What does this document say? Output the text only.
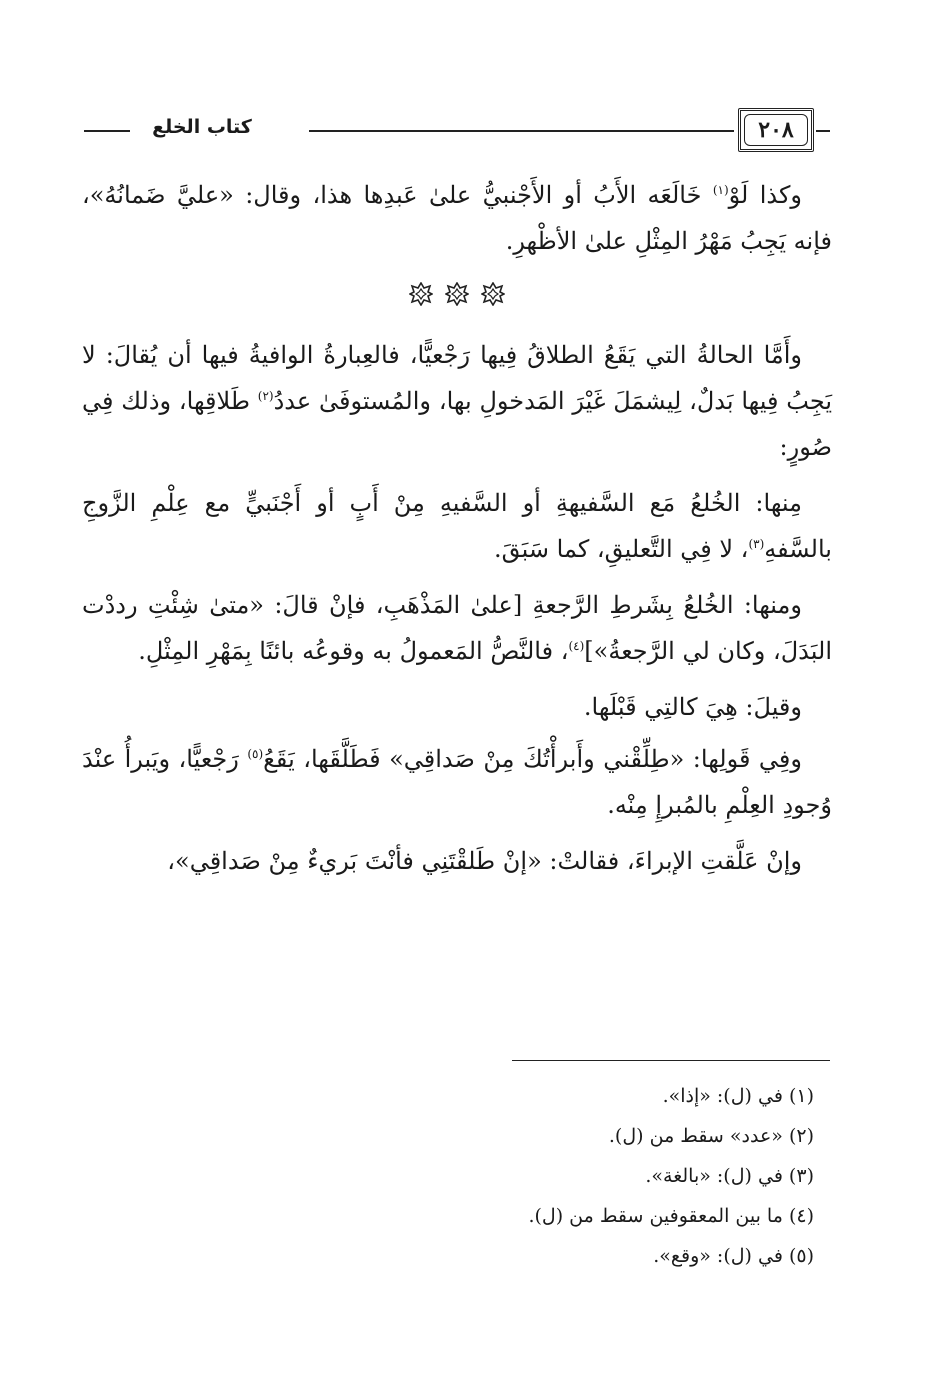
٢٠٨
كتاب الخلع

وكذا لَوْ$^{(١)}$ خَالَعَه الأَبُ أو الأَجْنبيُّ علىٰ عَبدِها هذا، وقال: «عليَّ ضَمانُهُ»، فإنه يَجِبُ مَهْرُ المِثْلِ علىٰ الأظْهرِ.

وأَمَّا الحالةُ التي يَقَعُ الطلاقُ فِيها رَجْعيًّا، فالعِبارةُ الوافيةُ فيها أن يُقالَ: لا يَجِبُ فِيها بَدلٌ، لِيشمَلَ غَيْرَ المَدخولِ بها، والمُستوفَىٰ عددُ$^{(٢)}$ طَلاقِها، وذلك فِي صُورٍ:

مِنها: الخُلعُ مَع السَّفيهةِ أو السَّفيهِ مِنْ أَبٍ أو أَجْنَبيٍّ مع عِلْمِ الزَّوجِ بالسَّفهِ$^{(٣)}$، لا فِي التَّعليقِ، كما سَبَقَ.

ومنها: الخُلعُ بِشَرطِ الرَّجعةِ [علىٰ المَذْهَبِ، فإنْ قالَ: «متىٰ شِئْتِ رددْت البَدَلَ، وكان لي الرَّجعةُ»]$^{(٤)}$، فالنَّصُّ المَعمولُ به وقوعُه بائنًا بِمَهْرِ المِثْلِ.

وقيلَ: هِيَ كالتِي قَبْلَها.

وفِي قَولِها: «طِلِّقْني وأَبرأْتُكَ مِنْ صَداقِي» فَطَلَّقَها، يَقَعُ$^{(٥)}$ رَجْعيًّا، ويَبرأُ عنْدَ وُجودِ العِلْمِ بالمُبرإِ مِنْه.

وإنْ عَلَّقتِ الإبراءَ، فقالتْ: «إنْ طَلقْتَنِي فأنْتَ بَريءٌ مِنْ صَداقِي»،

(١) في (ل): «إذا».

(٢) «عدد» سقط من (ل).

(٣) في (ل): «بالغة».

(٤) ما بين المعقوفين سقط من (ل).

(٥) في (ل): «وقع».
